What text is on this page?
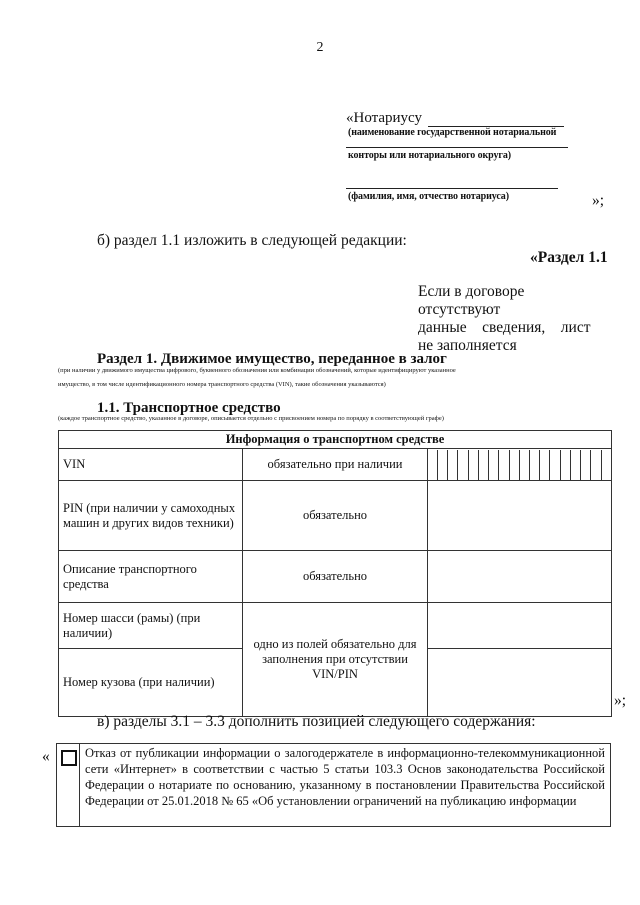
2
«Нотариусу
(наименование государственной нотариальной
конторы или нотариального округа)
(фамилия, имя, отчество нотариуса)	»;
б) раздел 1.1 изложить в следующей редакции:
«Раздел 1.1
Если в договоре отсутствуют
данные    сведения,    лист
не заполняется
Раздел 1. Движимое имущество, переданное в залог
(при наличии у движимого имущества цифрового, буквенного обозначения или комбинации обозначений, которые идентифицируют указанное
имущество, в том числе идентификационного номера транспортного средства (VIN), такие обозначения указываются)
1.1. Транспортное средство
(каждое транспортное средство, указанное в договоре, описывается отдельно с присвоением номера по порядку в соответствующей графе)
Информация о транспортном средстве		
VIN	обязательно при наличии	

PIN (при наличии у самоходных машин и других видов техники)	обязательно	
Описание транспортного средства	обязательно	
Номер шасси (рамы) (при наличии)	одно из полей обязательно для заполнения при отсутствии VIN/PIN	
Номер кузова (при наличии)		
»;
в) разделы 3.1 – 3.3 дополнить позицией следующего содержания:
«	Отказ от публикации информации о залогодержателе в информационно-телекоммуникационной сети «Интернет» в соответствии с частью 5 статьи 103.3 Основ законодательства Российской Федерации о нотариате по основанию, указанному в постановлении Правительства Российской Федерации от 25.01.2018 № 65 «Об установлении ограничений на публикацию информации
